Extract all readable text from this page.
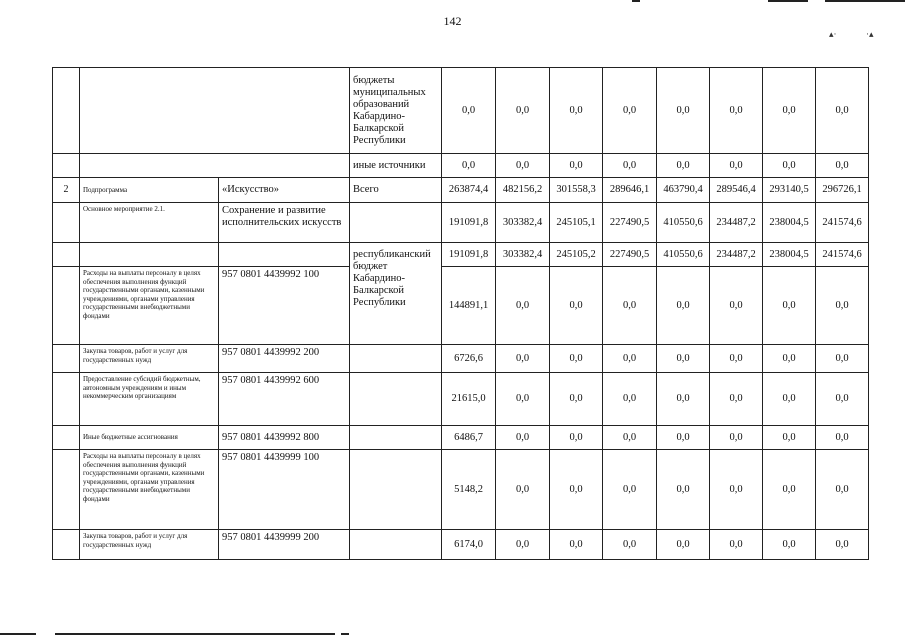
142
▴·	·▴
			бюджеты муниципальных образований Кабардино-Балкарской Республики	0,0	0,0	0,0	0,0	0,0	0,0	0,0	0,0
			иные источники	0,0	0,0	0,0	0,0	0,0	0,0	0,0	0,0
2	Подпрограмма	«Искусство»	Всего	263874,4	482156,2	301558,3	289646,1	463790,4	289546,4	293140,5	296726,1
	Основное мероприятие 2.1.	Сохранение и развитие исполнительских искусств		191091,8	303382,4	245105,1	227490,5	410550,6	234487,2	238004,5	241574,6
			республиканский бюджет Кабардино-Балкарской Республики	191091,8	303382,4	245105,2	227490,5	410550,6	234487,2	238004,5	241574,6
	Расходы на выплаты персоналу в целях обеспечения выполнения функций государственными органами, казенными учреждениями, органами управления государственными внебюджетными фондами	957 0801 4439992 100		144891,1	0,0	0,0	0,0	0,0	0,0	0,0	0,0
	Закупка товаров, работ и услуг для государственных нужд	957 0801 4439992 200		6726,6	0,0	0,0	0,0	0,0	0,0	0,0	0,0
	Предоставление субсидий бюджетным, автономным учреждениям и иным некоммерческим организациям	957 0801 4439992 600		21615,0	0,0	0,0	0,0	0,0	0,0	0,0	0,0
	Иные бюджетные ассигнования	957 0801 4439992 800		6486,7	0,0	0,0	0,0	0,0	0,0	0,0	0,0
	Расходы на выплаты персоналу в целях обеспечения выполнения функций государственными органами, казенными учреждениями, органами управления государственными внебюджетными фондами	957 0801 4439999 100		5148,2	0,0	0,0	0,0	0,0	0,0	0,0	0,0
	Закупка товаров, работ и услуг для государственных нужд	957 0801 4439999 200		6174,0	0,0	0,0	0,0	0,0	0,0	0,0	0,0
